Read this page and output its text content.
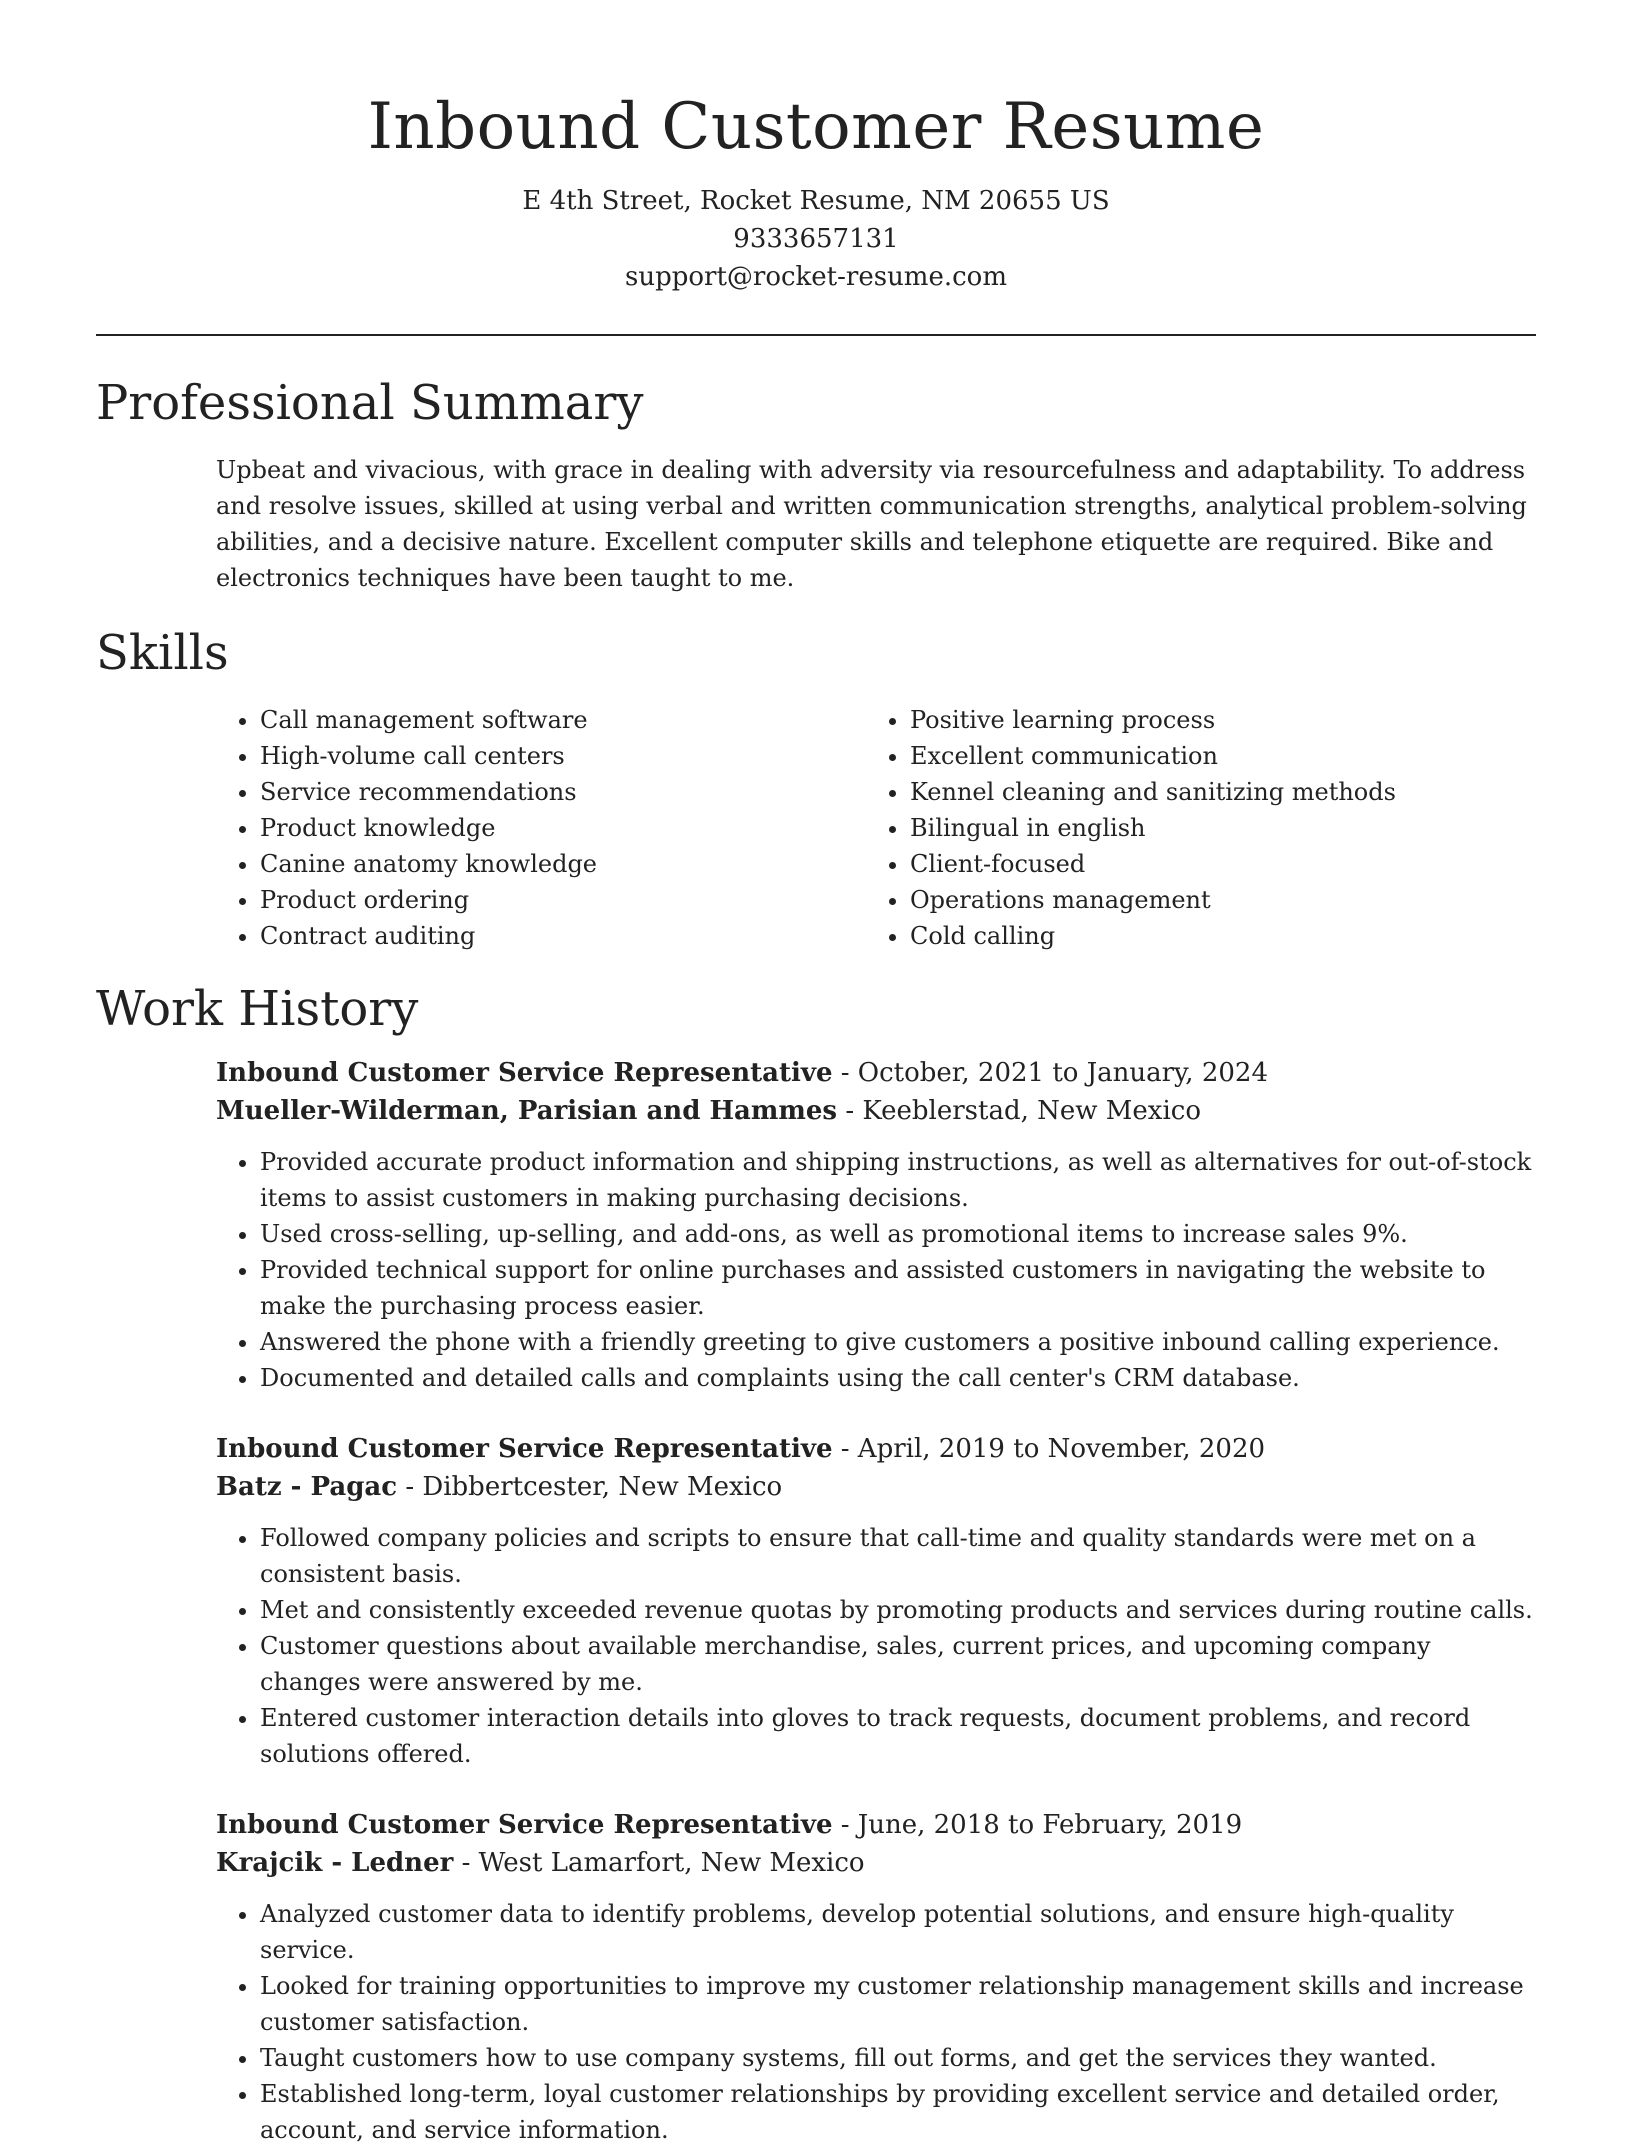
Inbound Customer Resume
E 4th Street, Rocket Resume, NM 20655 US
9333657131
support@rocket-resume.com
Professional Summary

Upbeat and vivacious, with grace in dealing with adversity via resourcefulness and adaptability. To address and resolve issues, skilled at using verbal and written communication strengths, analytical problem-solving abilities, and a decisive nature. Excellent computer skills and telephone etiquette are required. Bike and electronics techniques have been taught to me.

Skills
• Call management software
• High-volume call centers
• Service recommendations
• Product knowledge
• Canine anatomy knowledge
• Product ordering
• Contract auditing
• Positive learning process
• Excellent communication
• Kennel cleaning and sanitizing methods
• Bilingual in english
• Client-focused
• Operations management
• Cold calling
Work History
Inbound Customer Service Representative - October, 2021 to January, 2024
Mueller-Wilderman, Parisian and Hammes - Keeblerstad, New Mexico
• Provided accurate product information and shipping instructions, as well as alternatives for out-of-stock items to assist customers in making purchasing decisions.
• Used cross-selling, up-selling, and add-ons, as well as promotional items to increase sales 9%.
• Provided technical support for online purchases and assisted customers in navigating the website to make the purchasing process easier.
• Answered the phone with a friendly greeting to give customers a positive inbound calling experience.
• Documented and detailed calls and complaints using the call center's CRM database.
Inbound Customer Service Representative - April, 2019 to November, 2020
Batz - Pagac - Dibbertcester, New Mexico
• Followed company policies and scripts to ensure that call-time and quality standards were met on a consistent basis.
• Met and consistently exceeded revenue quotas by promoting products and services during routine calls.
• Customer questions about available merchandise, sales, current prices, and upcoming company changes were answered by me.
• Entered customer interaction details into gloves to track requests, document problems, and record solutions offered.
Inbound Customer Service Representative - June, 2018 to February, 2019
Krajcik - Ledner - West Lamarfort, New Mexico
• Analyzed customer data to identify problems, develop potential solutions, and ensure high-quality service.
• Looked for training opportunities to improve my customer relationship management skills and increase customer satisfaction.
• Taught customers how to use company systems, fill out forms, and get the services they wanted.
• Established long-term, loyal customer relationships by providing excellent service and detailed order, account, and service information.
